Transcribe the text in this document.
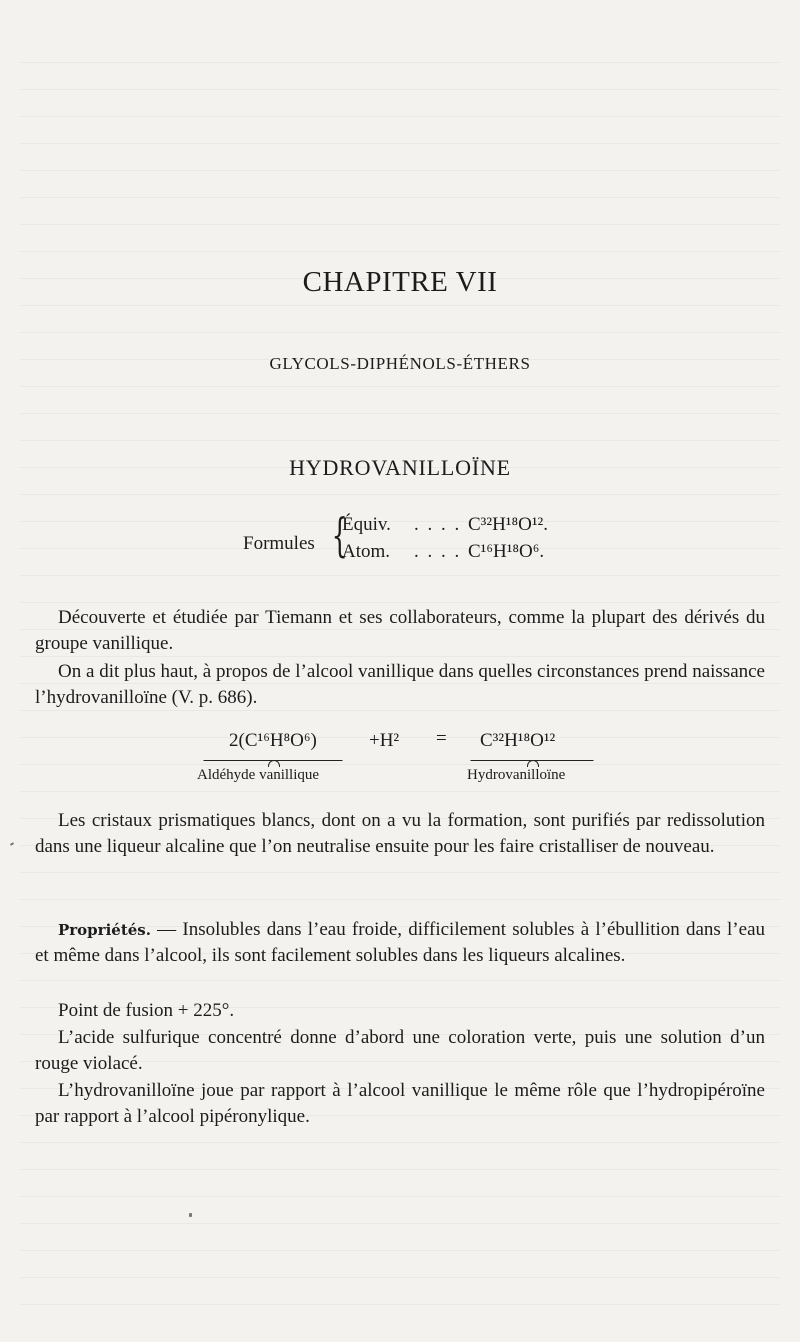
CHAPITRE VII
GLYCOLS-DIPHÉNOLS-ÉTHERS
HYDROVANILLOÏNE
Formules {
Équiv. . . . . C³²H¹⁸O¹².
Atom. . . . . C¹⁶H¹⁸O⁶.
Découverte et étudiée par Tiemann et ses collaborateurs, comme la plupart des dérivés du groupe vanillique.
On a dit plus haut, à propos de l’alcool vanillique dans quelles circonstances prend naissance l’hydrovanilloïne (V. p. 686).
2(C¹⁶H⁸O⁶)	+H² = C³²H¹⁸O¹²
Aldéhyde vanillique	Hydrovanilloïne
Les cristaux prismatiques blancs, dont on a vu la formation, sont purifiés par redissolution dans une liqueur alcaline que l’on neutralise ensuite pour les faire cristalliser de nouveau.
Propriétés. — Insolubles dans l’eau froide, difficilement solubles à l’ébullition dans l’eau et même dans l’alcool, ils sont facilement solubles dans les liqueurs alcalines.
Point de fusion + 225°.
L’acide sulfurique concentré donne d’abord une coloration verte, puis une solution d’un rouge violacé.
L’hydrovanilloïne joue par rapport à l’alcool vanillique le même rôle que l’hydropipéroïne par rapport à l’alcool pipéronylique.
